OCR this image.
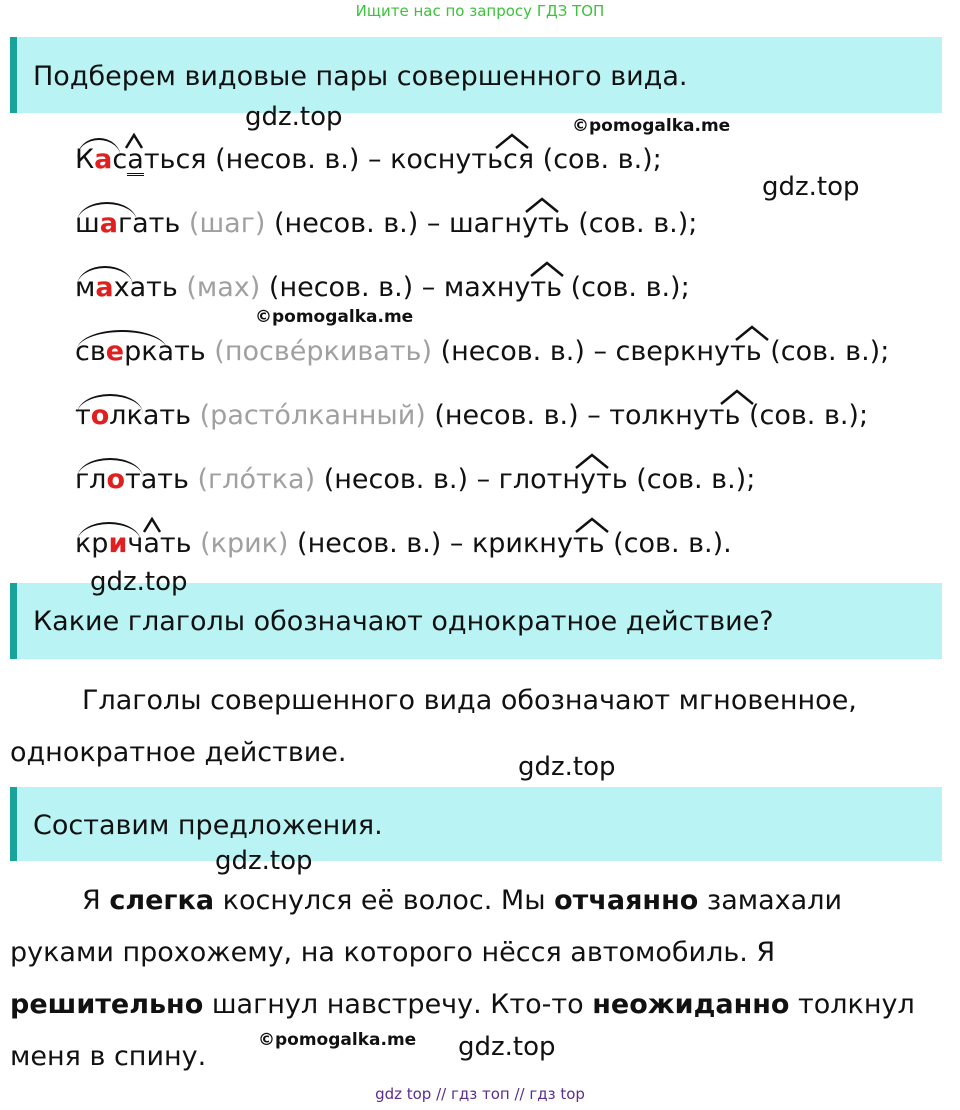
Ищите нас по запросу ГДЗ ТОП
Подберем видовые пары совершенного вида.
Касаться
(несов. в.) – коснуться (сов. в.);
шагать
(шаг) (несов. в.) – шагнуть (сов. в.);
махать
(мах) (несов. в.) – махнуть (сов. в.);
сверкать
(посвéркивать) (несов. в.) – сверкнуть (сов. в.);
толкать
(растóлканный) (несов. в.) – толкнуть (сов. в.);
глотать
(глóтка) (несов. в.) – глотнуть (сов. в.);
кричать
(крик) (несов. в.) – крикнуть (сов. в.).
Какие глаголы обозначают однократное действие?
Глаголы совершенного вида обозначают мгновенное,
однократное действие.
Составим предложения.
Я слегка коснулся её волос. Мы отчаянно замахали
руками прохожему, на которого нёсся автомобиль. Я
решительно шагнул навстречу. Кто-то неожиданно толкнул
меня в спину.
gdz.top	©pomogalka.me
gdz.top
©pomogalka.me
gdz.top
gdz.top
gdz.top
©pomogalka.me gdz.top
gdz top // гдз топ // гдз top
